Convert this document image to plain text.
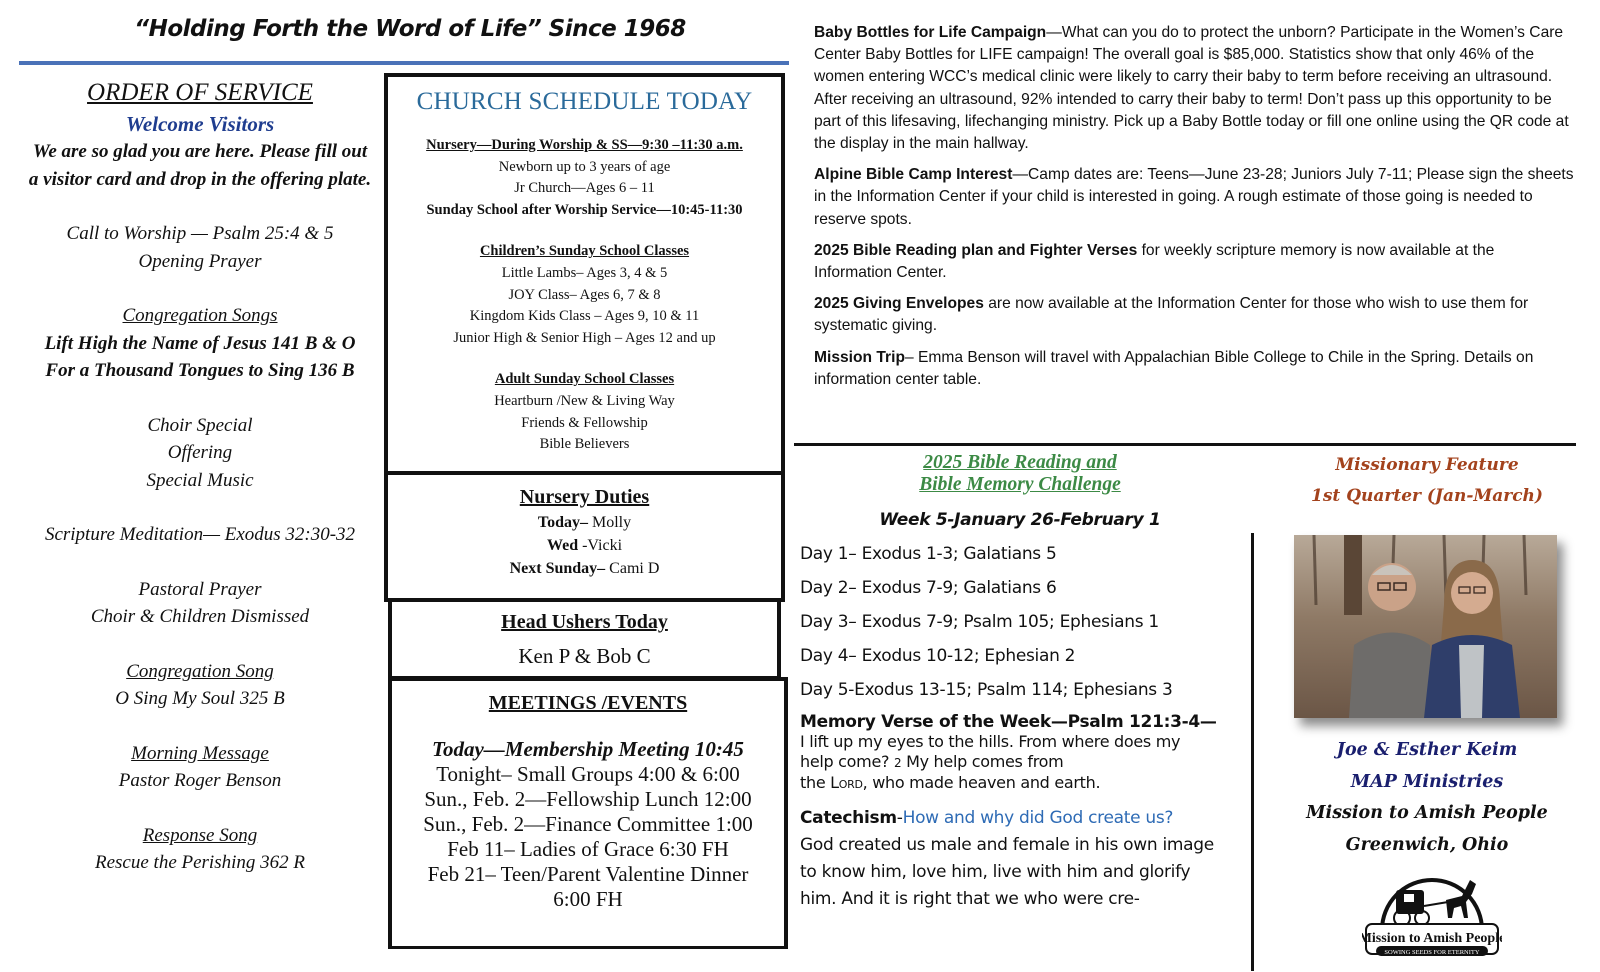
“Holding Forth the Word of Life” Since 1968
ORDER OF SERVICE
Welcome Visitors
We are so glad you are here. Please fill out
a visitor card and drop in the offering plate.
Call to Worship — Psalm 25:4 & 5
Opening Prayer
Congregation Songs
Lift High the Name of Jesus 141 B & O
For a Thousand Tongues to Sing 136 B
Choir Special
Offering
Special Music
Scripture Meditation— Exodus 32:30-32
Pastoral Prayer
Choir & Children Dismissed
Congregation Song
O Sing My Soul 325 B
Morning Message
Pastor Roger Benson
Response Song
Rescue the Perishing 362 R
CHURCH SCHEDULE TODAY
Nursery—During Worship & SS—9:30 –11:30 a.m.
Newborn up to 3 years of age
Jr Church—Ages 6 – 11
Sunday School after Worship Service—10:45-11:30
Children’s Sunday School Classes
Little Lambs– Ages 3, 4 & 5
JOY Class– Ages 6, 7 & 8
Kingdom Kids Class – Ages 9, 10 & 11
Junior High & Senior High – Ages 12 and up
Adult Sunday School Classes
Heartburn /New & Living Way
Friends & Fellowship
Bible Believers
Nursery Duties
Today– Molly
Wed -Vicki
Next Sunday– Cami D
Head Ushers Today
Ken P & Bob C
MEETINGS /EVENTS
Today—Membership Meeting 10:45
Tonight– Small Groups 4:00 & 6:00
Sun., Feb. 2—Fellowship Lunch 12:00
Sun., Feb. 2—Finance Committee 1:00
Feb 11– Ladies of Grace 6:30 FH
Feb 21– Teen/Parent Valentine Dinner
6:00 FH

Baby Bottles for Life Campaign—What can you do to protect the unborn? Participate in the Women’s Care Center Baby Bottles for LIFE campaign! The overall goal is $85,000. Statistics show that only 46% of the women entering WCC’s medical clinic were likely to carry their baby to term before receiving an ultrasound. After receiving an ultrasound, 92% intended to carry their baby to term! Don’t pass up this opportunity to be part of this lifesaving, lifechanging ministry. Pick up a Baby Bottle today or fill one online using the QR code at the display in the main hallway.

Alpine Bible Camp Interest—Camp dates are: Teens—June 23-28; Juniors July 7-11; Please sign the sheets in the Information Center if your child is interested in going. A rough estimate of those going is needed to reserve spots.

2025 Bible Reading plan and Fighter Verses for weekly scripture memory is now available at the Information Center.

2025 Giving Envelopes are now available at the Information Center for those who wish to use them for systematic giving.

Mission Trip– Emma Benson will travel with Appalachian Bible College to Chile in the Spring. Details on information center table.

2025 Bible Reading and
Bible Memory Challenge
Week 5-January 26-February 1
Day 1– Exodus 1-3; Galatians 5
Day 2– Exodus 7-9; Galatians 6
Day 3– Exodus 7-9; Psalm 105; Ephesians 1
Day 4– Exodus 10-12; Ephesian 2
Day 5-Exodus 13-15; Psalm 114; Ephesians 3
Memory Verse of the Week—Psalm 121:3-4—
I lift up my eyes to the hills. From where does my
help come? 2 My help comes from
the Lord, who made heaven and earth.
Catechism-How and why did God create us?
God created us male and female in his own image to know him, love him, live with him and glorify him. And it is right that we who were cre-
Missionary Feature
1st Quarter (Jan-March)
Joe & Esther Keim
MAP Ministries
Mission to Amish People
Greenwich, Ohio
Mission to Amish People
SOWING SEEDS FOR ETERNITY
